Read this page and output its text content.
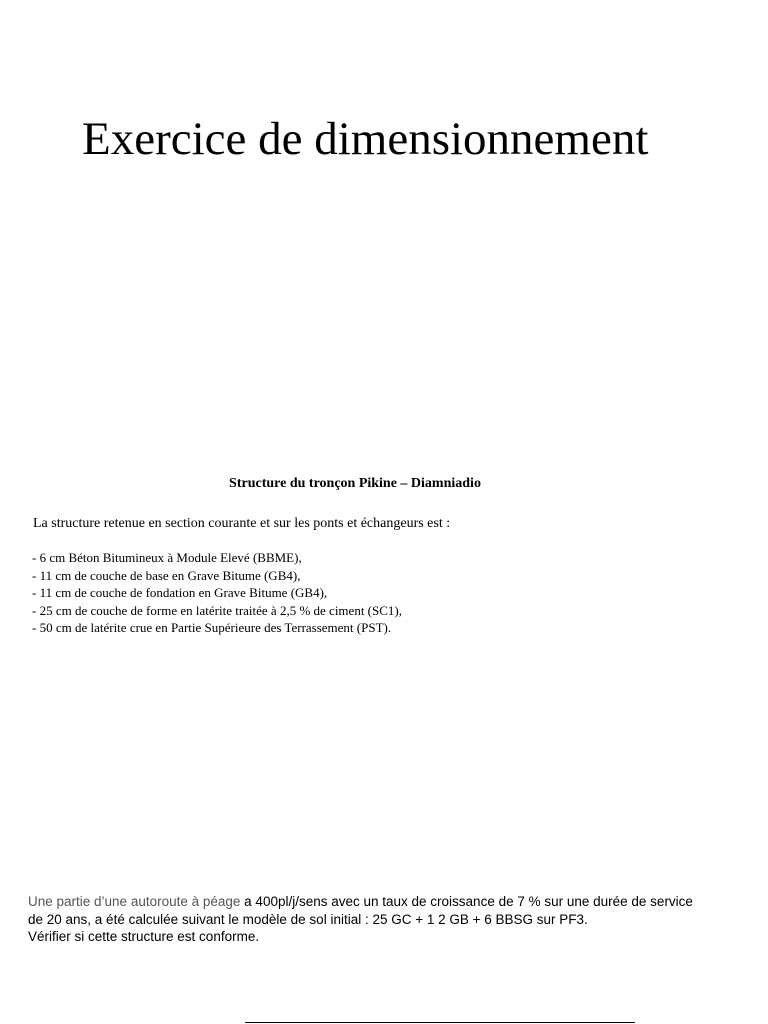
Exercice de dimensionnement
Structure du tronçon Pikine – Diamniadio
La structure retenue en section courante et sur les ponts et échangeurs est :
- 6 cm Béton Bitumineux à Module Elevé (BBME),
- 11 cm de couche de base en Grave Bitume (GB4),
- 11 cm de couche de fondation en Grave Bitume (GB4),
- 25 cm de couche de forme en latérite traitée à 2,5 % de ciment (SC1),
- 50 cm de latérite crue en Partie Supérieure des Terrassement (PST).
Une partie d’une autoroute à péage a 400pl/j/sens avec un taux de croissance de 7 % sur une durée de service
de 20 ans, a été calculée suivant le modèle de sol initial : 25 GC + 1 2 GB + 6 BBSG sur PF3.
Vérifier si cette structure est conforme.
